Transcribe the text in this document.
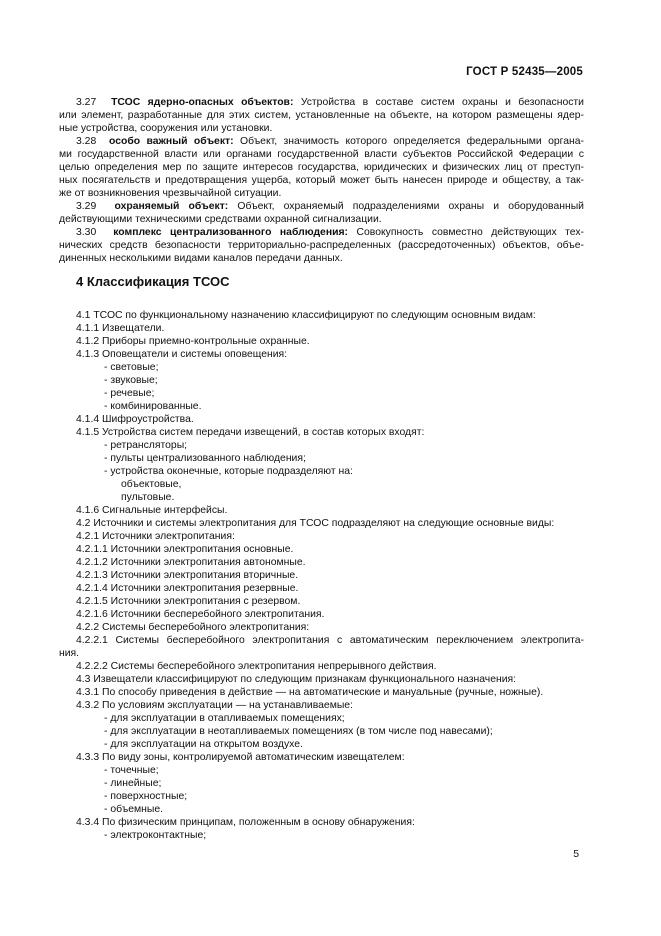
ГОСТ Р 52435—2005
3.27 ТСОС ядерно-опасных объектов: Устройства в составе систем охраны и безопасности
или элемент, разработанные для этих систем, установленные на объекте, на котором размещены ядер-
ные устройства, сооружения или установки.
3.28 особо важный объект: Объект, значимость которого определяется федеральными органа-
ми государственной власти или органами государственной власти субъектов Российской Федерации с
целью определения мер по защите интересов государства, юридических и физических лиц от преступ-
ных посягательств и предотвращения ущерба, который может быть нанесен природе и обществу, а так-
же от возникновения чрезвычайной ситуации.
3.29 охраняемый объект: Объект, охраняемый подразделениями охраны и оборудованный
действующими техническими средствами охранной сигнализации.
3.30 комплекс централизованного наблюдения: Совокупность совместно действующих тех-
нических средств безопасности территориально-распределенных (рассредоточенных) объектов, объе-
диненных несколькими видами каналов передачи данных.
4 Классификация ТСОС
4.1 ТСОС по функциональному назначению классифицируют по следующим основным видам:
4.1.1 Извещатели.
4.1.2 Приборы приемно-контрольные охранные.
4.1.3 Оповещатели и системы оповещения:
- световые;
- звуковые;
- речевые;
- комбинированные.
4.1.4 Шифроустройства.
4.1.5 Устройства систем передачи извещений, в состав которых входят:
- ретрансляторы;
- пульты централизованного наблюдения;
- устройства оконечные, которые подразделяют на:
объектовые,
пультовые.
4.1.6 Сигнальные интерфейсы.
4.2 Источники и системы электропитания для ТСОС подразделяют на следующие основные виды:
4.2.1 Источники электропитания:
4.2.1.1 Источники электропитания основные.
4.2.1.2 Источники электропитания автономные.
4.2.1.3 Источники электропитания вторичные.
4.2.1.4 Источники электропитания резервные.
4.2.1.5 Источники электропитания с резервом.
4.2.1.6 Источники бесперебойного электропитания.
4.2.2 Системы бесперебойного электропитания:
4.2.2.1 Системы бесперебойного электропитания с автоматическим переключением электропита-
ния.
4.2.2.2 Системы бесперебойного электропитания непрерывного действия.
4.3 Извещатели классифицируют по следующим признакам функционального назначения:
4.3.1 По способу приведения в действие — на автоматические и мануальные (ручные, ножные).
4.3.2 По условиям эксплуатации — на устанавливаемые:
- для эксплуатации в отапливаемых помещениях;
- для эксплуатации в неотапливаемых помещениях (в том числе под навесами);
- для эксплуатации на открытом воздухе.
4.3.3 По виду зоны, контролируемой автоматическим извещателем:
- точечные;
- линейные;
- поверхностные;
- объемные.
4.3.4 По физическим принципам, положенным в основу обнаружения:
- электроконтактные;
5
